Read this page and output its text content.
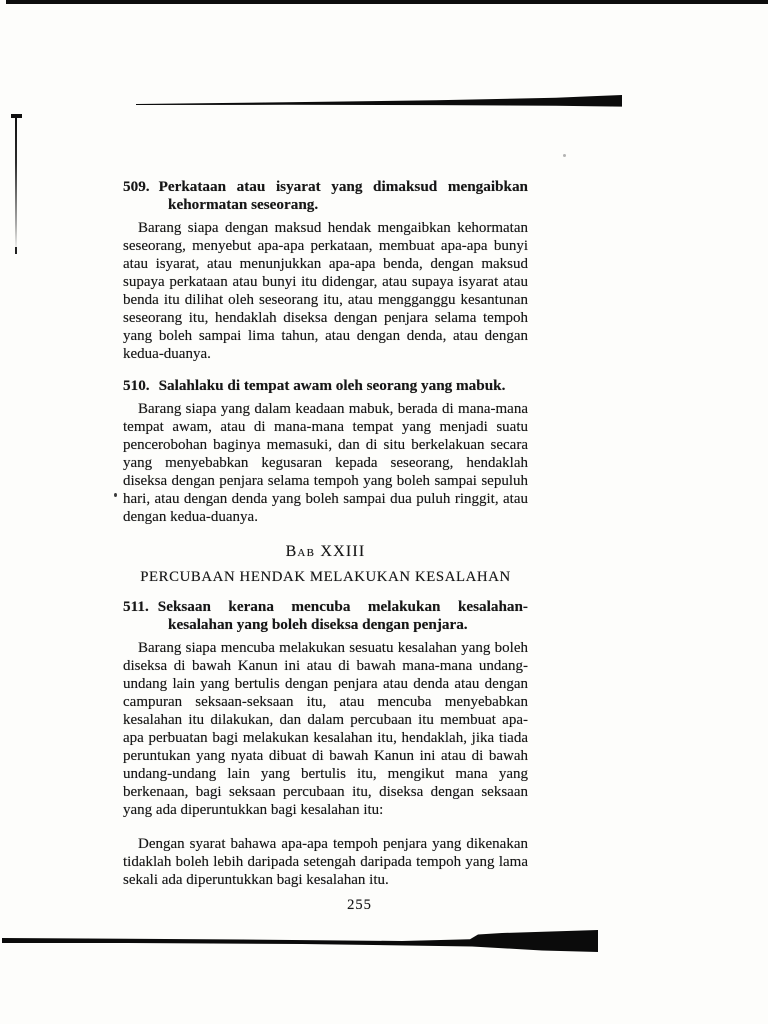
509. Perkataan atau isyarat yang dimaksud mengaibkan kehormatan seseorang.

Barang siapa dengan maksud hendak mengaibkan kehormatan seseorang, menyebut apa-apa perkataan, membuat apa-apa bunyi atau isyarat, atau menunjukkan apa-apa benda, dengan maksud supaya perkataan atau bunyi itu didengar, atau supaya isyarat atau benda itu dilihat oleh seseorang itu, atau mengganggu kesantunan seseorang itu, hendaklah diseksa dengan penjara selama tempoh yang boleh sampai lima tahun, atau dengan denda, atau dengan kedua-duanya.

510. Salahlaku di tempat awam oleh seorang yang mabuk.

Barang siapa yang dalam keadaan mabuk, berada di mana-mana tempat awam, atau di mana-mana tempat yang menjadi suatu pencerobohan baginya memasuki, dan di situ berkelakuan secara yang menyebabkan kegusaran kepada seseorang, hendaklah diseksa dengan penjara selama tempoh yang boleh sampai sepuluh hari, atau dengan denda yang boleh sampai dua puluh ringgit, atau dengan kedua-duanya.

Bab XXIII
PERCUBAAN HENDAK MELAKUKAN KESALAHAN

511. Seksaan kerana mencuba melakukan kesalahan-kesalahan yang boleh diseksa dengan penjara.

Barang siapa mencuba melakukan sesuatu kesalahan yang boleh diseksa di bawah Kanun ini atau di bawah mana-mana undang-undang lain yang bertulis dengan penjara atau denda atau dengan campuran seksaan-seksaan itu, atau mencuba menyebabkan kesalahan itu dilakukan, dan dalam percubaan itu membuat apa-apa perbuatan bagi melakukan kesalahan itu, hendaklah, jika tiada peruntukan yang nyata dibuat di bawah Kanun ini atau di bawah undang-undang lain yang bertulis itu, mengikut mana yang berkenaan, bagi seksaan percubaan itu, diseksa dengan seksaan yang ada diperuntukkan bagi kesalahan itu:

Dengan syarat bahawa apa-apa tempoh penjara yang dikenakan tidaklah boleh lebih daripada setengah daripada tempoh yang lama sekali ada diperuntukkan bagi kesalahan itu.

255
